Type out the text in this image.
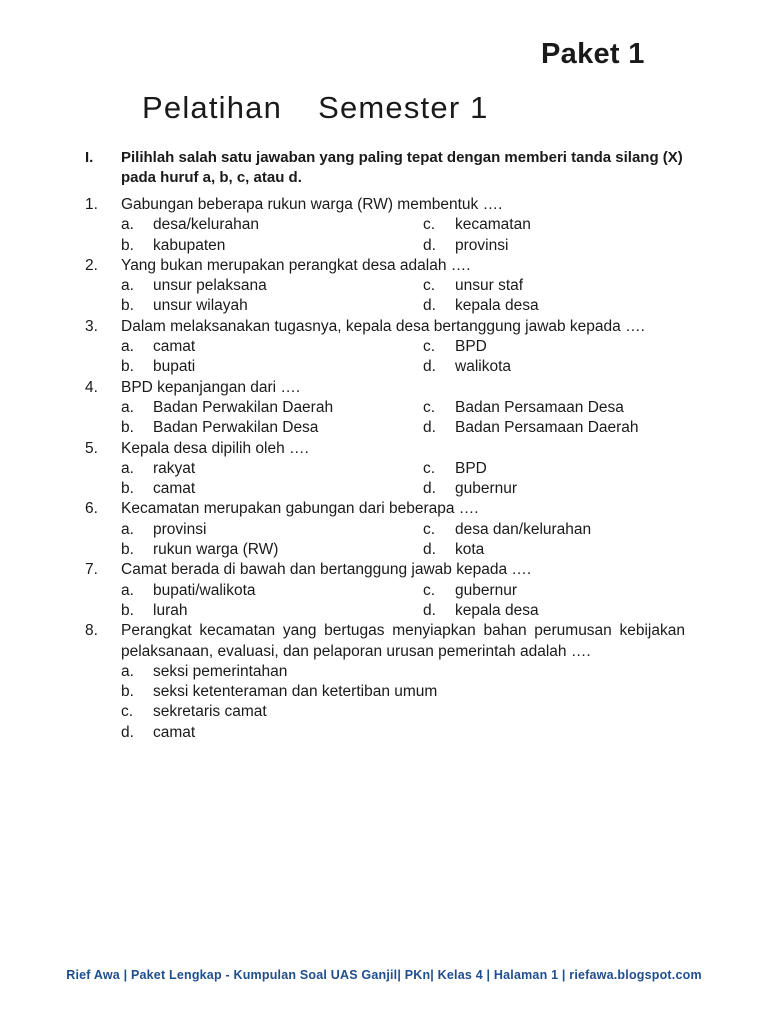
Paket 1
Pelatihan Semester 1
I. Pilihlah salah satu jawaban yang paling tepat dengan memberi tanda silang (X) pada huruf a, b, c, atau d.
1. Gabungan beberapa rukun warga (RW) membentuk ….
a. desa/kelurahan	c. kecamatan
b. kabupaten	d. provinsi
2. Yang bukan merupakan perangkat desa adalah ….
a. unsur pelaksana	c. unsur staf
b. unsur wilayah	d. kepala desa
3. Dalam melaksanakan tugasnya, kepala desa bertanggung jawab kepada ….
a. camat	c. BPD
b. bupati	d. walikota
4. BPD kepanjangan dari ….
a. Badan Perwakilan Daerah	c. Badan Persamaan Desa
b. Badan Perwakilan Desa	d. Badan Persamaan Daerah
5. Kepala desa dipilih oleh ….
a. rakyat	c. BPD
b. camat	d. gubernur
6. Kecamatan merupakan gabungan dari beberapa ….
a. provinsi	c. desa dan/kelurahan
b. rukun warga (RW)	d. kota
7. Camat berada di bawah dan bertanggung jawab kepada ….
a. bupati/walikota	c. gubernur
b. lurah	d. kepala desa
8. Perangkat kecamatan yang bertugas menyiapkan bahan perumusan kebijakan pelaksanaan, evaluasi, dan pelaporan urusan pemerintah adalah ….
a. seksi pemerintahan
b. seksi ketenteraman dan ketertiban umum
c. sekretaris camat
d. camat
Rief Awa | Paket Lengkap - Kumpulan Soal UAS Ganjil| PKn| Kelas 4 | Halaman 1 | riefawa.blogspot.com
